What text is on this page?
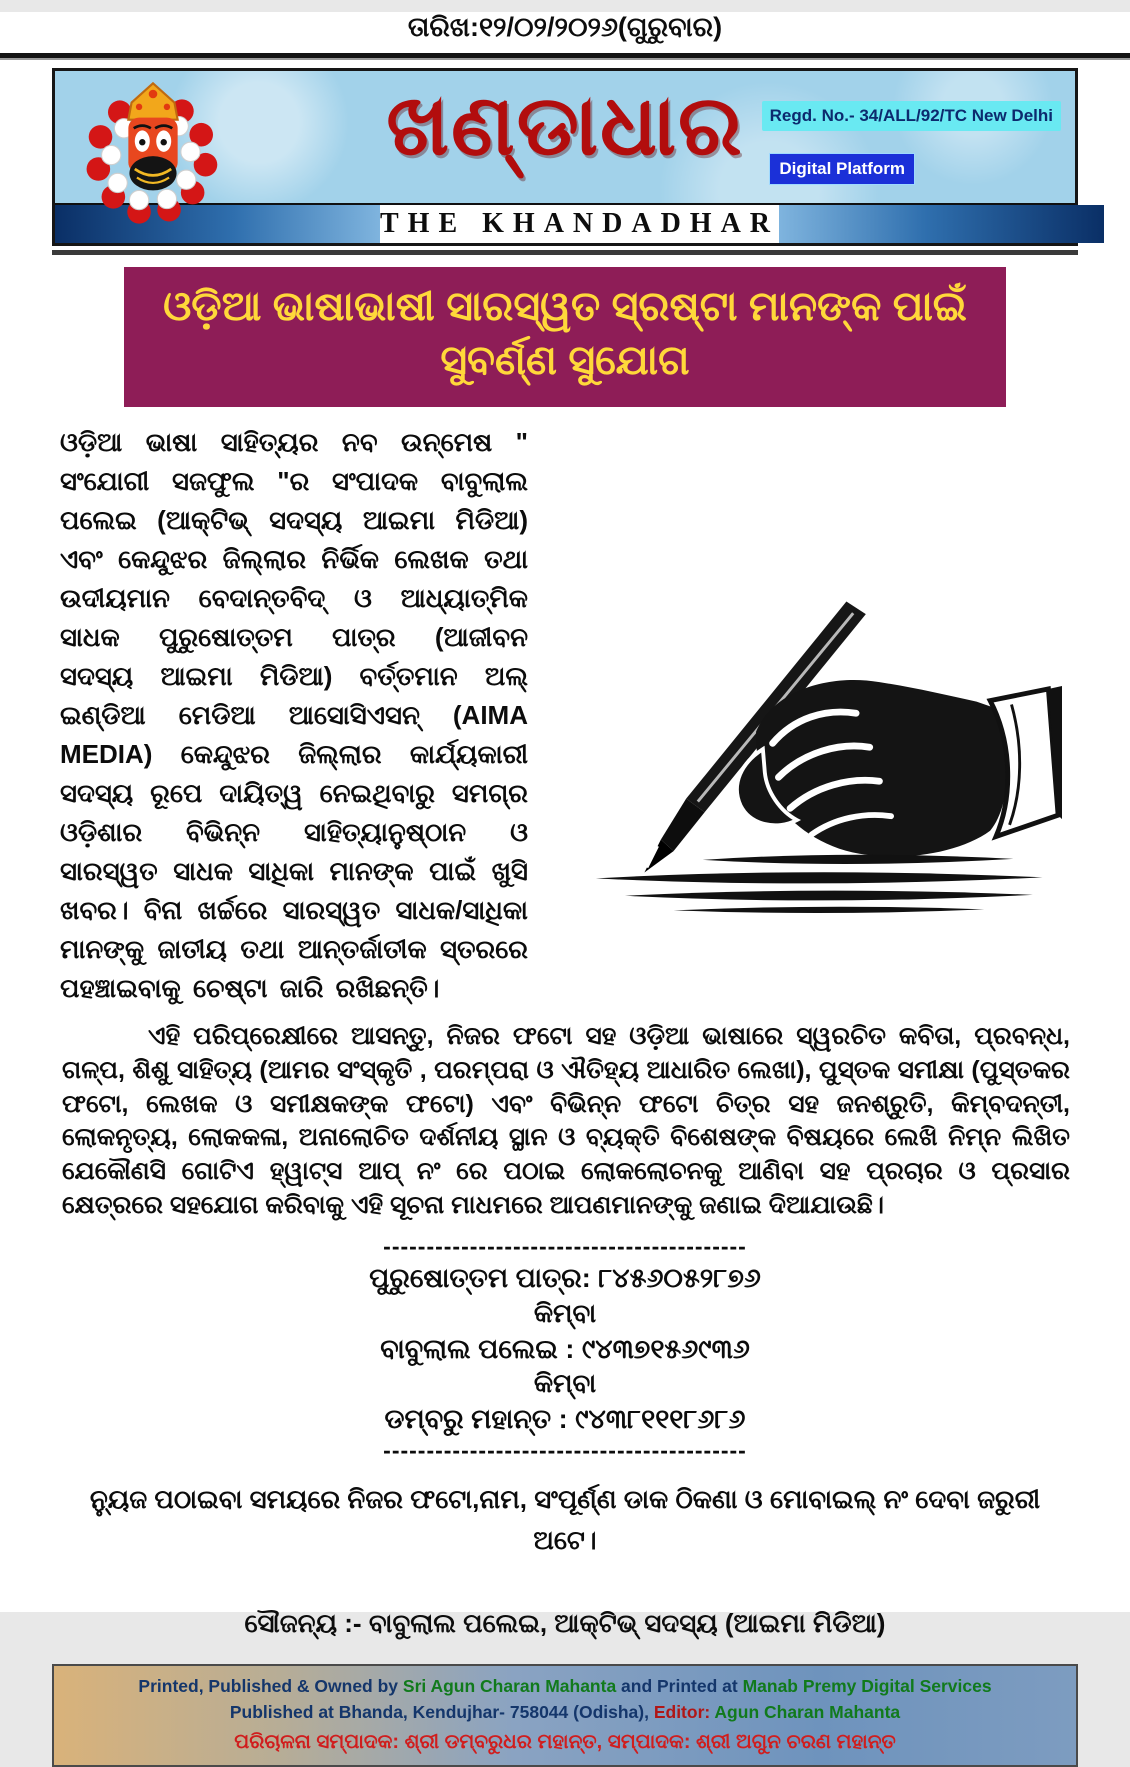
ତାରିଖ:୧୨/୦୨/୨୦୨୬(ଗୁରୁବାର)
ଖଣ୍ଡାଧାର	Regd. No.- 34/ALL/92/TC New Delhi
Digital Platform
THE KHANDADHAR
ଓଡ଼ିଆ ଭାଷାଭାଷୀ ସାରସ୍ୱତ ସ୍ରଷ୍ଟା ମାନଙ୍କ ପାଇଁ
ସୁବର୍ଣ୍ଣ ସୁଯୋଗ
ଓଡ଼ିଆ ଭାଷା ସାହିତ୍ୟର ନବ ଉନ୍ମେଷ " ସଂଯୋଗୀ ସଜଫୁଲ "ର ସଂପାଦକ ବାବୁଲାଲ ପଲେଇ (ଆକ୍ଟିଭ୍ ସଦସ୍ୟ ଆଇମା ମିଡିଆ) ଏବଂ କେନ୍ଦୁଝର ଜିଲ୍ଲାର ନିର୍ଭିକ ଲେଖକ ତଥା ଉଦୀୟମାନ ବେଦାନ୍ତବିଦ୍ ଓ ଆଧ୍ୟାତ୍ମିକ ସାଧକ ପୁରୁଷୋତ୍ତମ ପାତ୍ର (ଆଜୀବନ ସଦସ୍ୟ ଆଇମା ମିଡିଆ) ବର୍ତ୍ତମାନ ଅଲ୍ ଇଣ୍ଡିଆ ମେଡିଆ ଆସୋସିଏସନ୍ (AIMA MEDIA) କେନ୍ଦୁଝର ଜିଲ୍ଲାର କାର୍ଯ୍ୟକାରୀ ସଦସ୍ୟ ରୂପେ ଦାୟିତ୍ୱ ନେଇଥିବାରୁ ସମଗ୍ର ଓଡ଼ିଶାର ବିଭିନ୍ନ ସାହିତ୍ୟାନୁଷ୍ଠାନ ଓ ସାରସ୍ୱତ ସାଧକ ସାଧିକା ମାନଙ୍କ ପାଇଁ ଖୁସି ଖବର। ବିନା ଖର୍ଚ୍ଚରେ ସାରସ୍ୱତ ସାଧକ/ସାଧିକା ମାନଙ୍କୁ ଜାତୀୟ ତଥା ଆନ୍ତର୍ଜାତୀକ ସ୍ତରରେ ପହଞ୍ଚାଇବାକୁ ଚେଷ୍ଟା ଜାରି ରଖିଛନ୍ତି।
ଏହି ପରିପ୍ରେକ୍ଷୀରେ ଆସନ୍ତୁ, ନିଜର ଫଟୋ ସହ ଓଡ଼ିଆ ଭାଷାରେ ସ୍ୱରଚିତ କବିତା, ପ୍ରବନ୍ଧ, ଗଳ୍ପ, ଶିଶୁ ସାହିତ୍ୟ (ଆମର ସଂସ୍କୃତି , ପରମ୍ପରା ଓ ଐତିହ୍ୟ ଆଧାରିତ ଲେଖା), ପୁସ୍ତକ ସମୀକ୍ଷା (ପୁସ୍ତକର ଫଟୋ, ଲେଖକ ଓ ସମୀକ୍ଷକଙ୍କ ଫଟୋ) ଏବଂ ବିଭିନ୍ନ ଫଟୋ ଚିତ୍ର ସହ ଜନଶ୍ରୁତି, କିମ୍ବଦନ୍ତୀ, ଲୋକନୃତ୍ୟ, ଲୋକକଳା, ଅନାଲୋଚିତ ଦର୍ଶନୀୟ ସ୍ଥାନ ଓ ବ୍ୟକ୍ତି ବିଶେଷଙ୍କ ବିଷୟରେ ଲେଖି ନିମ୍ନ ଲିଖିତ ଯେକୌଣସି ଗୋଟିଏ ହ୍ୱାଟ୍ସ ଆପ୍ ନଂ ରେ ପଠାଇ ଲୋକଲୋଚନକୁ ଆଣିବା ସହ ପ୍ରଚାର ଓ ପ୍ରସାର କ୍ଷେତ୍ରରେ ସହଯୋଗ କରିବାକୁ ଏହି ସୂଚନା ମାଧମରେ ଆପଣମାନଙ୍କୁ ଜଣାଇ ଦିଆଯାଉଛି।
------------------------------------------
ପୁରୁଷୋତ୍ତମ ପାତ୍ର: ୮୪୫୬୦୫୨୮୭୬
କିମ୍ବା
ବାବୁଲାଲ ପଲେଇ : ୯୪୩୭୧୫୬୯୩୬
କିମ୍ବା
ଡମ୍ବରୁ ମହାନ୍ତ : ୯୪୩୮୧୧୧୮୬୮୬
------------------------------------------
ନ୍ୟୁଜ ପଠାଇବା ସମୟରେ ନିଜର ଫଟୋ,ନାମ, ସଂପୂର୍ଣ୍ଣ ଡାକ ଠିକଣା ଓ ମୋବାଇଲ୍ ନଂ ଦେବା ଜରୁରୀ ଅଟେ।
ସୌଜନ୍ୟ :- ବାବୁଲାଲ ପଲେଇ, ଆକ୍ଟିଭ୍ ସଦସ୍ୟ (ଆଇମା ମିଡିଆ)
Printed, Published & Owned by Sri Agun Charan Mahanta and Printed at Manab Premy Digital Services
Published at Bhanda, Kendujhar- 758044 (Odisha), Editor: Agun Charan Mahanta
ପରିଚାଳନା ସମ୍ପାଦକ: ଶ୍ରୀ ଡମ୍ବରୁଧର ମହାନ୍ତ, ସମ୍ପାଦକ: ଶ୍ରୀ ଅଗୁନ ଚରଣ ମହାନ୍ତ
